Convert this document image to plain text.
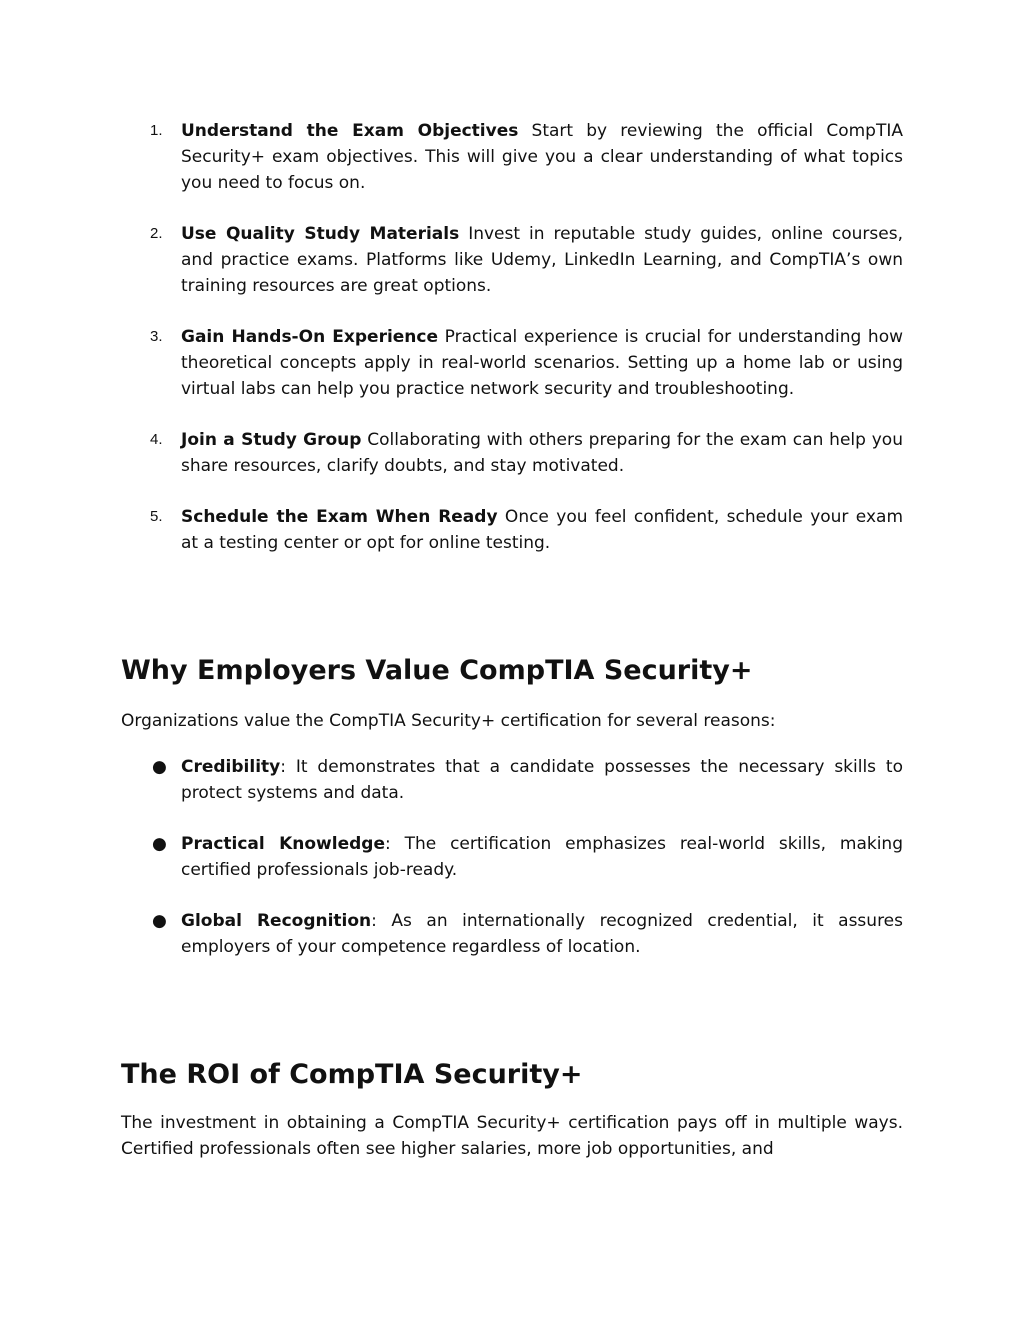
1. Understand the Exam Objectives Start by reviewing the official CompTIA Security+ exam objectives. This will give you a clear understanding of what topics you need to focus on.
2. Use Quality Study Materials Invest in reputable study guides, online courses, and practice exams. Platforms like Udemy, LinkedIn Learning, and CompTIA’s own training resources are great options.
3. Gain Hands-On Experience Practical experience is crucial for understanding how theoretical concepts apply in real-world scenarios. Setting up a home lab or using virtual labs can help you practice network security and troubleshooting.
4. Join a Study Group Collaborating with others preparing for the exam can help you share resources, clarify doubts, and stay motivated.
5. Schedule the Exam When Ready Once you feel confident, schedule your exam at a testing center or opt for online testing.
Why Employers Value CompTIA Security+
Organizations value the CompTIA Security+ certification for several reasons:
● Credibility: It demonstrates that a candidate possesses the necessary skills to protect systems and data.
● Practical Knowledge: The certification emphasizes real-world skills, making certified professionals job-ready.
● Global Recognition: As an internationally recognized credential, it assures employers of your competence regardless of location.
The ROI of CompTIA Security+
The investment in obtaining a CompTIA Security+ certification pays off in multiple ways. Certified professionals often see higher salaries, more job opportunities, and
